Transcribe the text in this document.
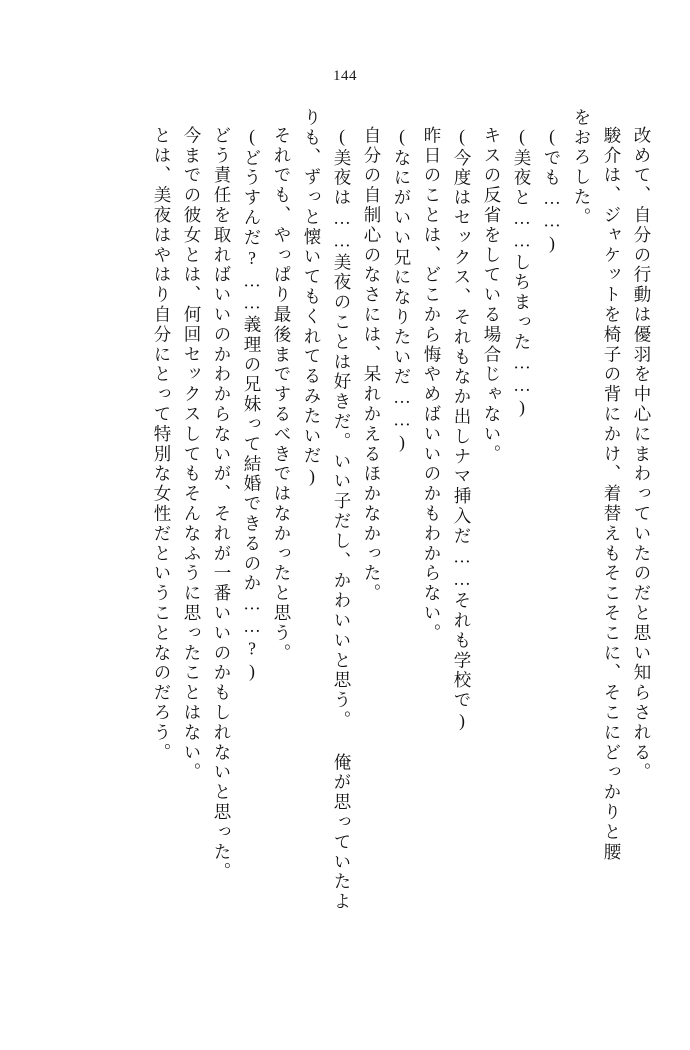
144
改めて、自分の行動は優羽を中心にまわっていたのだと思い知らされる。
駿介は、ジャケットを椅子の背にかけ、着替えもそこそこに、そこにどっかりと腰
をおろした。
(でも……)
(美夜と……しちまった……)
キスの反省をしている場合じゃない。
(今度はセックス、それもなか出しナマ挿入だ……それも学校で)
昨日のことは、どこから悔やめばいいのかもわからない。
(なにがいい兄になりたいだ……)
自分の自制心のなさには、呆れかえるほかなかった。
(美夜は……美夜のことは好きだ。いい子だし、かわいいと思う。 俺が思っていたよ
りも、ずっと懐いてもくれてるみたいだ)
それでも、やっぱり最後までするべきではなかったと思う。
(どうすんだ?……義理の兄妹って結婚できるのか……?)
どう責任を取ればいいのかわからないが、それが一番いいのかもしれないと思った。
今までの彼女とは、何回セックスしてもそんなふうに思ったことはない。
とは、美夜はやはり自分にとって特別な女性だということなのだろう。
